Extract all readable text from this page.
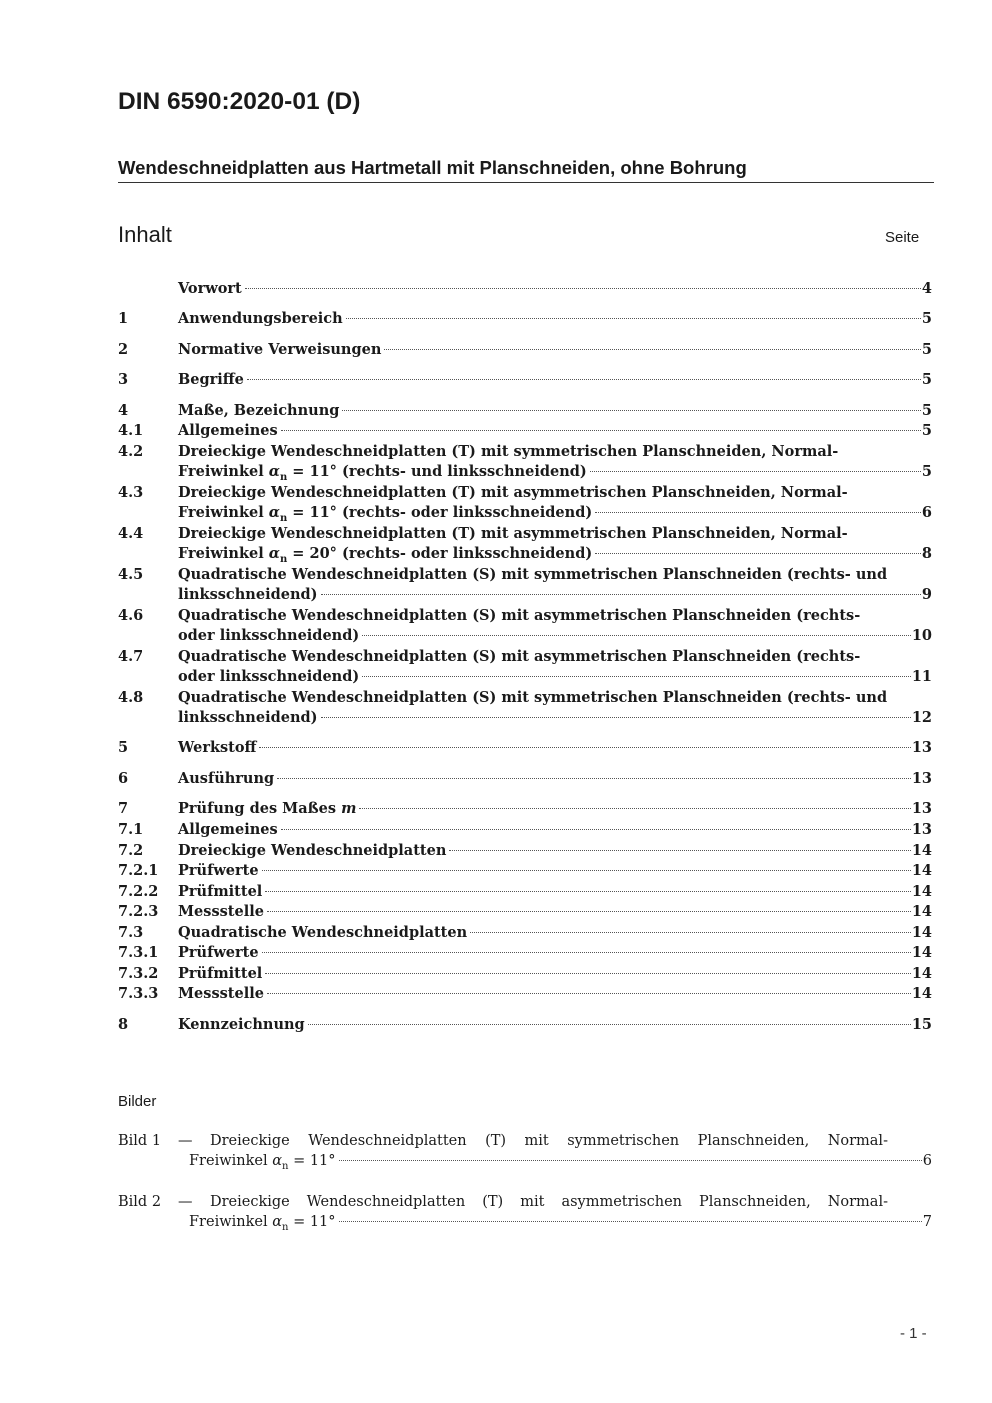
DIN 6590:2020-01 (D)
Wendeschneidplatten aus Hartmetall mit Planschneiden, ohne Bohrung
Inhalt	Seite
Vorwort	4
1	Anwendungsbereich	5
2	Normative Verweisungen	5
3	Begriffe	5
4	Maße, Bezeichnung	5
4.1	Allgemeines	5
4.2	Dreieckige Wendeschneidplatten (T) mit symmetrischen Planschneiden, Normal-
Freiwinkel $\alpha_n = 11^\circ$ (rechts- und linksschneidend)	5
4.3	Dreieckige Wendeschneidplatten (T) mit asymmetrischen Planschneiden, Normal-
Freiwinkel $\alpha_n = 11^\circ$ (rechts- oder linksschneidend)	6
4.4	Dreieckige Wendeschneidplatten (T) mit asymmetrischen Planschneiden, Normal-
Freiwinkel $\alpha_n = 20^\circ$ (rechts- oder linksschneidend)	8
4.5	Quadratische Wendeschneidplatten (S) mit symmetrischen Planschneiden (rechts- und
linksschneidend)	9
4.6	Quadratische Wendeschneidplatten (S) mit asymmetrischen Planschneiden (rechts-
oder linksschneidend)	10
4.7	Quadratische Wendeschneidplatten (S) mit asymmetrischen Planschneiden (rechts-
oder linksschneidend)	11
4.8	Quadratische Wendeschneidplatten (S) mit symmetrischen Planschneiden (rechts- und
linksschneidend)	12
5	Werkstoff	13
6	Ausführung	13
7	Prüfung des Maßes m	13
7.1	Allgemeines	13
7.2	Dreieckige Wendeschneidplatten	14
7.2.1	Prüfwerte	14
7.2.2	Prüfmittel	14
7.2.3	Messstelle	14
7.3	Quadratische Wendeschneidplatten	14
7.3.1	Prüfwerte	14
7.3.2	Prüfmittel	14
7.3.3	Messstelle	14
8	Kennzeichnung	15
Bilder
Bild 1	—	Dreieckige Wendeschneidplatten (T) mit symmetrischen Planschneiden, Normal-
Freiwinkel $\alpha_n = 11^\circ$	6
Bild 2	—	Dreieckige Wendeschneidplatten (T) mit asymmetrischen Planschneiden, Normal-
Freiwinkel $\alpha_n = 11^\circ$	7
- 1 -
